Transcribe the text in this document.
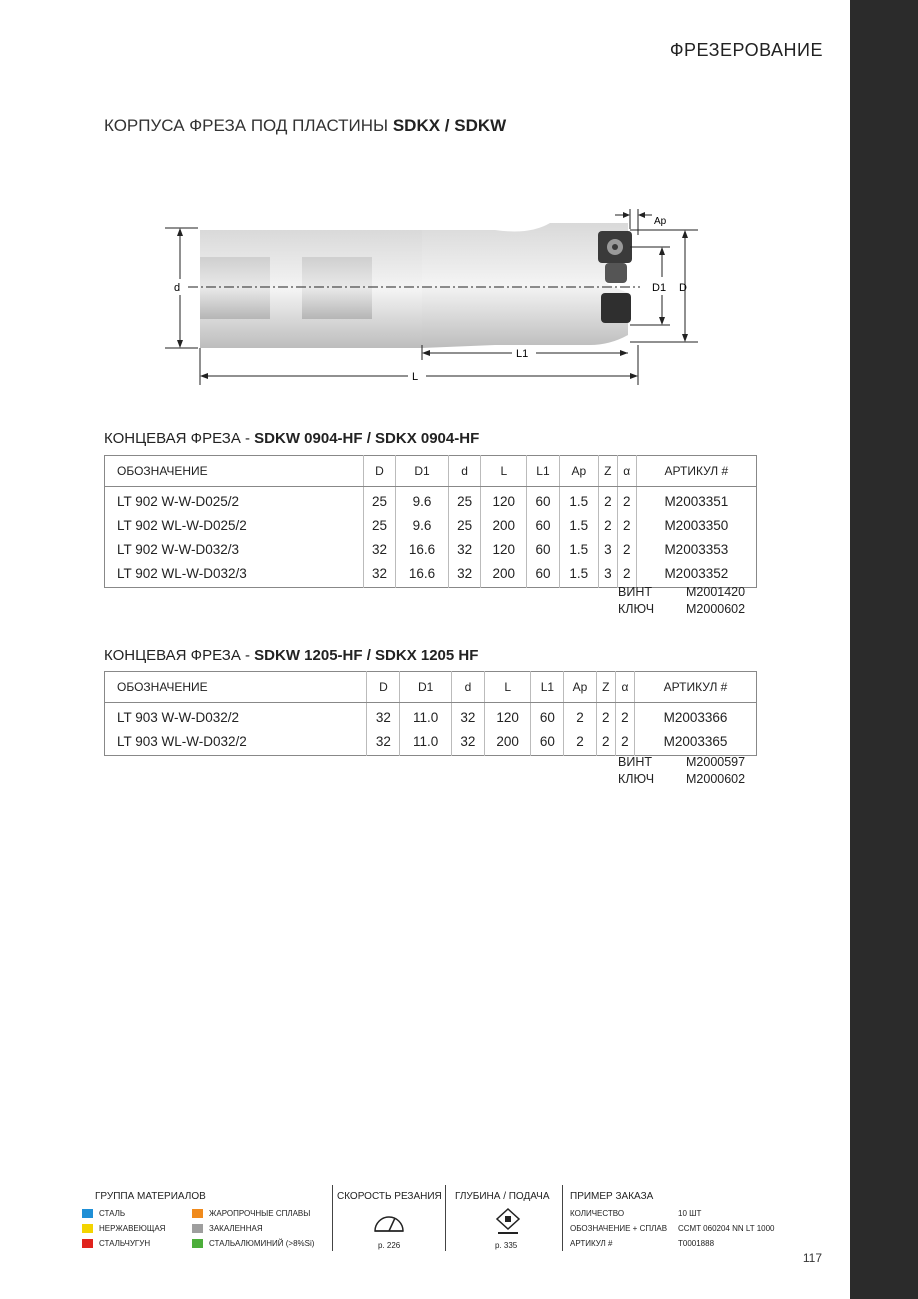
ФРЕЗЕРОВАНИЕ
КОРПУСА ФРЕЗА ПОД ПЛАСТИНЫ SDKX / SDKW
d	D
D1
Ap
L1
L
КОНЦЕВАЯ ФРЕЗА - SDKW 0904-HF / SDKX 0904-HF
ОБОЗНАЧЕНИЕ	D	D1	d	L	L1	Ap	Z	α	АРТИКУЛ #
LT 902 W-W-D025/2	25	9.6	25	120	60	1.5	2	2	M2003351
LT 902 WL-W-D025/2	25	9.6	25	200	60	1.5	2	2	M2003350
LT 902 W-W-D032/3	32	16.6	32	120	60	1.5	3	2	M2003353
LT 902 WL-W-D032/3	32	16.6	32	200	60	1.5	3	2	M2003352
ВИНТ	M2001420
КЛЮЧ	M2000602
КОНЦЕВАЯ ФРЕЗА - SDKW 1205-HF / SDKX 1205 HF
ОБОЗНАЧЕНИЕ	D	D1	d	L	L1	Ap	Z	α	АРТИКУЛ #
LT 903 W-W-D032/2	32	11.0	32	120	60	2	2	2	M2003366
LT 903 WL-W-D032/2	32	11.0	32	200	60	2	2	2	M2003365
ВИНТ	M2000597
КЛЮЧ	M2000602
ГРУППА МАТЕРИАЛОВ
СТАЛЬ
НЕРЖАВЕЮЩАЯ
СТАЛЬЧУГУН
ЖАРОПРОЧНЫЕ СПЛАВЫ
ЗАКАЛЕННАЯ
СТАЛЬАЛЮМИНИЙ (>8%Si)
СКОРОСТЬ РЕЗАНИЯ
p. 226
ГЛУБИНА / ПОДАЧА
p. 335
ПРИМЕР ЗАКАЗА
КОЛИЧЕСТВО	10 ШТ
ОБОЗНАЧЕНИЕ + СПЛАВ CCMT 060204 NN LT 1000
АРТИКУЛ #	T0001888
117
